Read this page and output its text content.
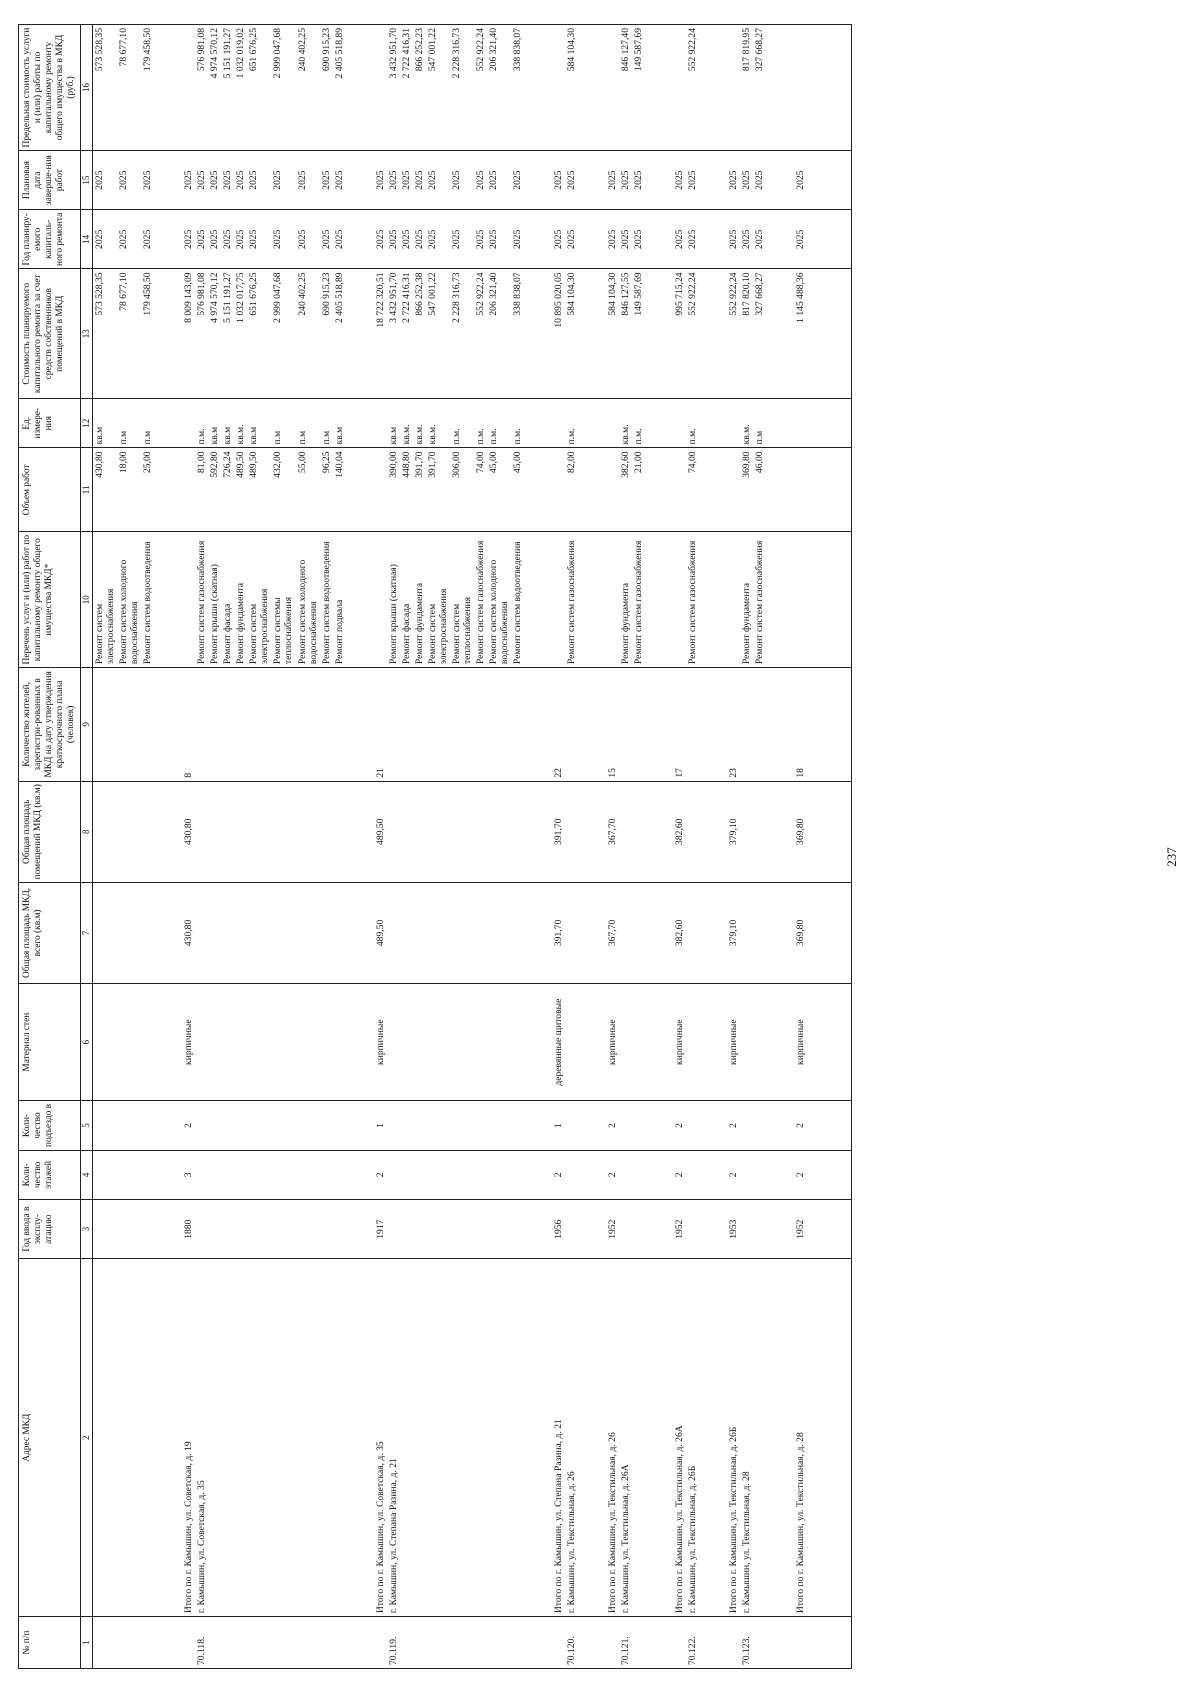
237
№ п/п	Адрес МКД	Год ввода в эксплу-атацию	Коли-чество этажей	Коли-чество подъездо в	Материал стен	Общая площадь МКД, всего (кв.м)	Общая площадь помещений МКД (кв.м)	Количество жителей, зарегистри-рованных в МКД на дату утверждения краткосрочного плана (человек)	Перечень услуг и (или) работ по капитальному ремонту общего имущества МКД*	Объем работ	Ед. измере-ния	Стоимость планируемого капитального ремонта за счет средств собственников помещений в МКД	Год планиру-емого капиталь-ного ремонта	Плановая дата заверше-ния работ	Предельная стоимость услуги и (или) работы по капитальному ремонту общего имущества в МКД (руб.)
1	2	3	4	5	6	7	8	9	10	11	12	13	14	15	16
									Ремонт систем электроснабжения	430,80	кв.м	573 528,35	2025	2025	573 528,35
									Ремонт систем холодного водоснабжения	18,00	п.м	78 677,10	2025	2025	78 677,10
									Ремонт систем водоотведения	25,00	п.м	179 458,50	2025	2025	179 458,50

	Итого по г. Камышин, ул. Советская, д. 19	1880	3	2	кирпичные	430,80	430,80	8				8 009 143,09	2025	2025	
70.118.	г. Камышин, ул. Советская, д. 35								Ремонт систем газоснабжения	81,00	п.м.	576 981,08	2025	2025	576 981,08
									Ремонт крыши (скатная)	592,80	кв.м	4 974 570,12	2025	2025	4 974 570,12
									Ремонт фасада	726,24	кв.м	5 151 191,27	2025	2025	5 151 191,27
									Ремонт фундамента	489,50	кв.м.	1 032 017,75	2025	2025	1 032 019,02
									Ремонт систем электроснабжения	489,50	кв.м	651 676,25	2025	2025	651 676,25
									Ремонт системы теплоснабжения	432,00	п.м	2 999 047,68	2025	2025	2 999 047,68
									Ремонт систем холодного водоснабжения	55,00	п.м	240 402,25	2025	2025	240 402,25
									Ремонт систем водоотведения	96,25	п.м	690 915,23	2025	2025	690 915,23
									Ремонт подвала	140,04	кв.м	2 405 518,89	2025	2025	2 405 518,89

	Итого по г. Камышин, ул. Советская, д. 35	1917	2	1	кирпичные	489,50	489,50	21				18 722 320,51	2025	2025	
70.119.	г. Камышин, ул. Степана Разина, д. 21								Ремонт крыши (скатная)	390,00	кв.м	3 432 951,70	2025	2025	3 432 951,70
									Ремонт фасада	448,80	кв.м.	2 722 416,31	2025	2025	2 722 416,31
									Ремонт фундамента	391,70	кв.м.	866 252,38	2025	2025	866 252,23
									Ремонт систем электроснабжения	391,70	кв.м.	547 001,22	2025	2025	547 001,22
									Ремонт систем теплоснабжения	306,00	п.м.	2 228 316,73	2025	2025	2 228 316,73
									Ремонт систем газоснабжения	74,00	п.м.	552 922,24	2025	2025	552 922,24
									Ремонт систем холодного водоснабжения	45,00	п.м.	206 321,40	2025	2025	206 321,40
									Ремонт систем водоотведения	45,00	п.м.	338 838,07	2025	2025	338 838,07

	Итого по г. Камышин, ул. Степана Разина, д. 21	1956	2	1	деревянные щитовые	391,70	391,70	22				10 895 020,05	2025	2025	
70.120.	г. Камышин, ул. Текстильная, д. 26								Ремонт систем газоснабжения	82,00	п.м.	584 104,30	2025	2025	584 104,30

	Итого по г. Камышин, ул. Текстильная, д. 26	1952	2	2	кирпичные	367,70	367,70	15				584 104,30	2025	2025	
70.121.	г. Камышин, ул. Текстильная, д. 26А								Ремонт фундамента	382,60	кв.м.	846 127,55	2025	2025	846 127,40
									Ремонт систем газоснабжения	21,00	п.м.	149 587,69	2025	2025	149 587,69

	Итого по г. Камышин, ул. Текстильная, д. 26А	1952	2	2	кирпичные	382,60	382,60	17				995 715,24	2025	2025	
70.122.	г. Камышин, ул. Текстильная, д. 26Б								Ремонт систем газоснабжения	74,00	п.м.	552 922,24	2025	2025	552 922,24

	Итого по г. Камышин, ул. Текстильная, д. 26Б	1953	2	2	кирпичные	379,10	379,10	23				552 922,24	2025	2025	
70.123.	г. Камышин, ул. Текстильная, д. 28								Ремонт фундамента	369,80	кв.м.	817 820,10	2025	2025	817 819,95
									Ремонт систем газоснабжения	46,00	п.м	327 668,27	2025	2025	327 668,27

	Итого по г. Камышин, ул. Текстильная, д. 28	1952	2	2	кирпичные	369,80	369,80	18				1 145 488,36	2025	2025	
